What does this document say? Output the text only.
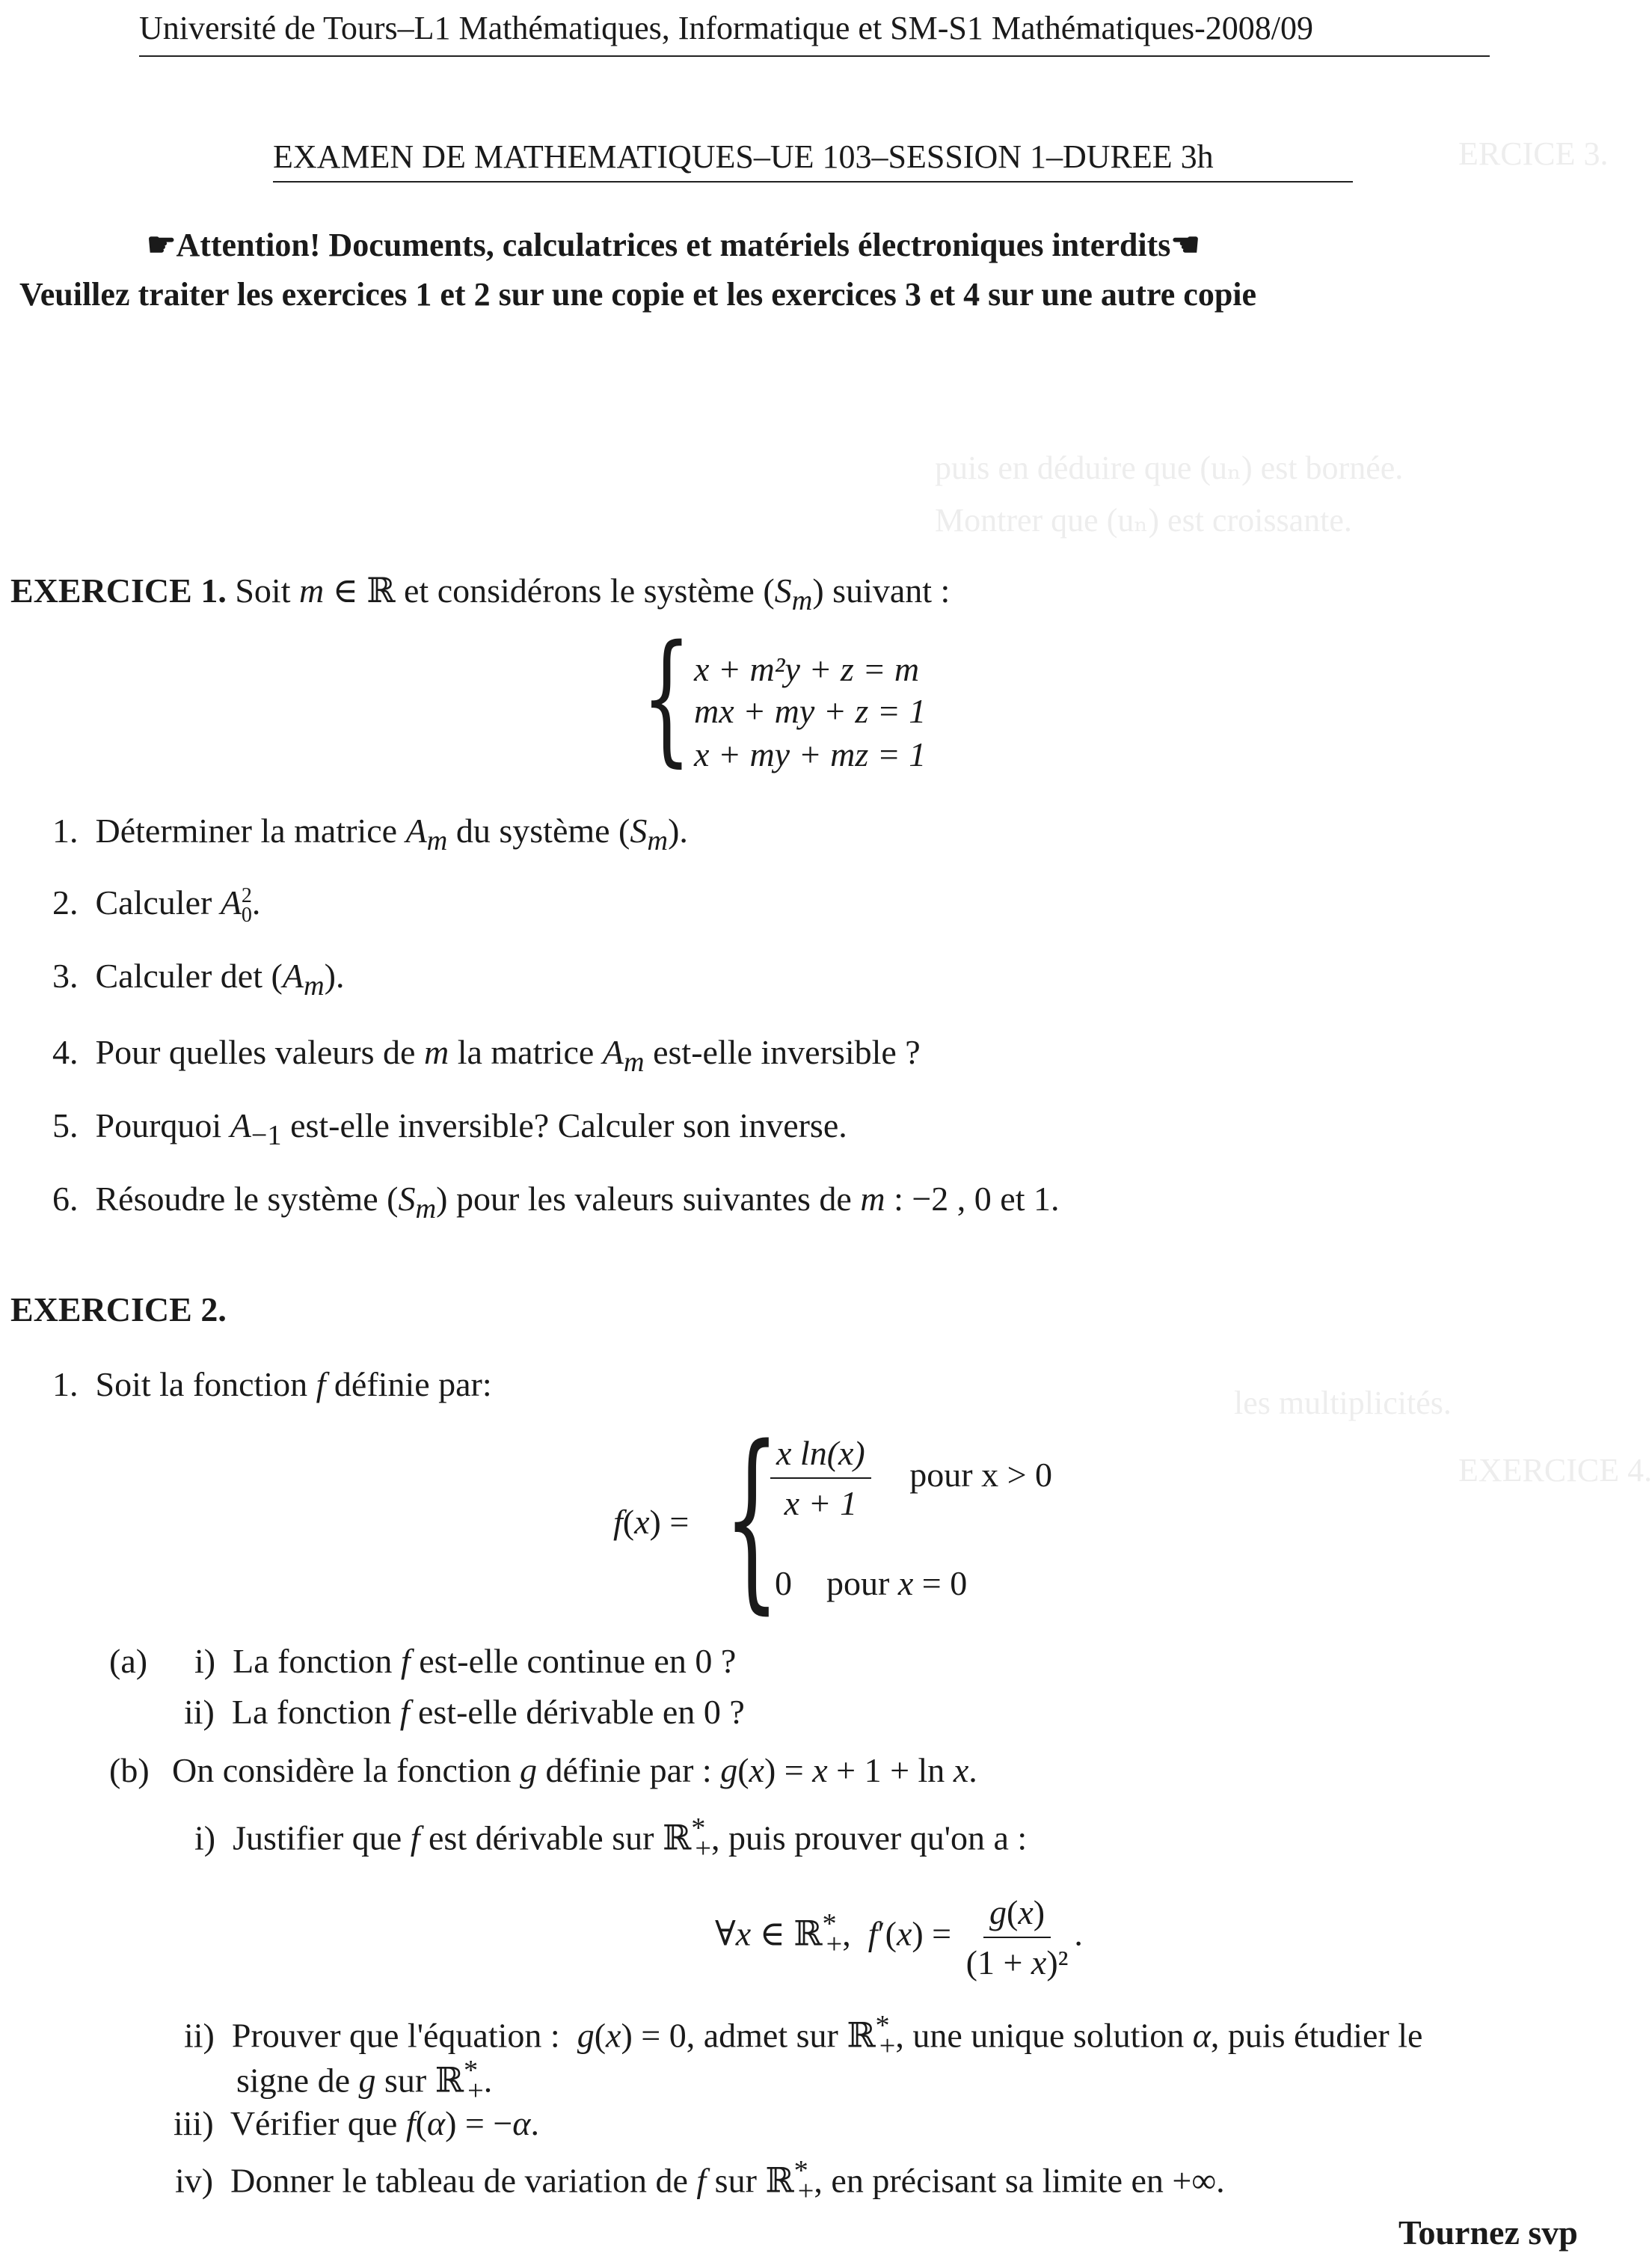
Université de Tours–L1 Mathématiques, Informatique et SM-S1 Mathématiques-2008/09
EXAMEN DE MATHEMATIQUES–UE 103–SESSION 1–DUREE 3h	ERCICE 3.
puis en déduire que (uₙ) est bornée.
Montrer que (uₙ) est croissante.
les multiplicités.
EXERCICE 4.
☛Attention! Documents, calculatrices et matériels électroniques interdits☚
Veuillez traiter les exercices 1 et 2 sur une copie et les exercices 3 et 4 sur une autre copie
EXERCICE 1. Soit m ∈ ℝ et considérons le système $(S_m)$ suivant :
{ x + m²y + z = m
mx + my + z = 1
x + my + mz = 1
1.  Déterminer la matrice $A_m$ du système $(S_m)$.
2.  Calculer A 2
0 .
3.  Calculer $\det (A_m)$.
4.  Pour quelles valeurs de m la matrice $A_m$ est-elle inversible ?
5.  Pourquoi $A_{-1}$ est-elle inversible? Calculer son inverse.
6.  Résoudre le système $(S_m)$ pour les valeurs suivantes de m : −2 , 0 et 1.
EXERCICE 2.
1.  Soit la fonction f définie par:
f(x) = {
$\frac{\text{x ln(x)}}{x + 1}$ pour x > 0
0    pour x = 0
(a) i)  La fonction f est-elle continue en 0 ?
ii)  La fonction f est-elle dérivable en 0 ?
(b) On considère la fonction g définie par : g(x) = x + 1 + ln x.
i)  Justifier que f est dérivable sur ℝ*$_+$, puis prouver qu'on a :
∀x ∈ ℝ*$_+$,  $f'(x) = \frac{g(x)}{\text{(1 + x)²}}$ .
ii)  Prouver que l'équation :  g(x) = 0, admet sur ℝ*$_+$, une unique solution α, puis étudier le
signe de g sur ℝ*$_+$.
iii)  Vérifier que f(α) = −α.
iv)  Donner le tableau de variation de f sur ℝ*$_+$, en précisant sa limite en +∞.
Tournez svp
